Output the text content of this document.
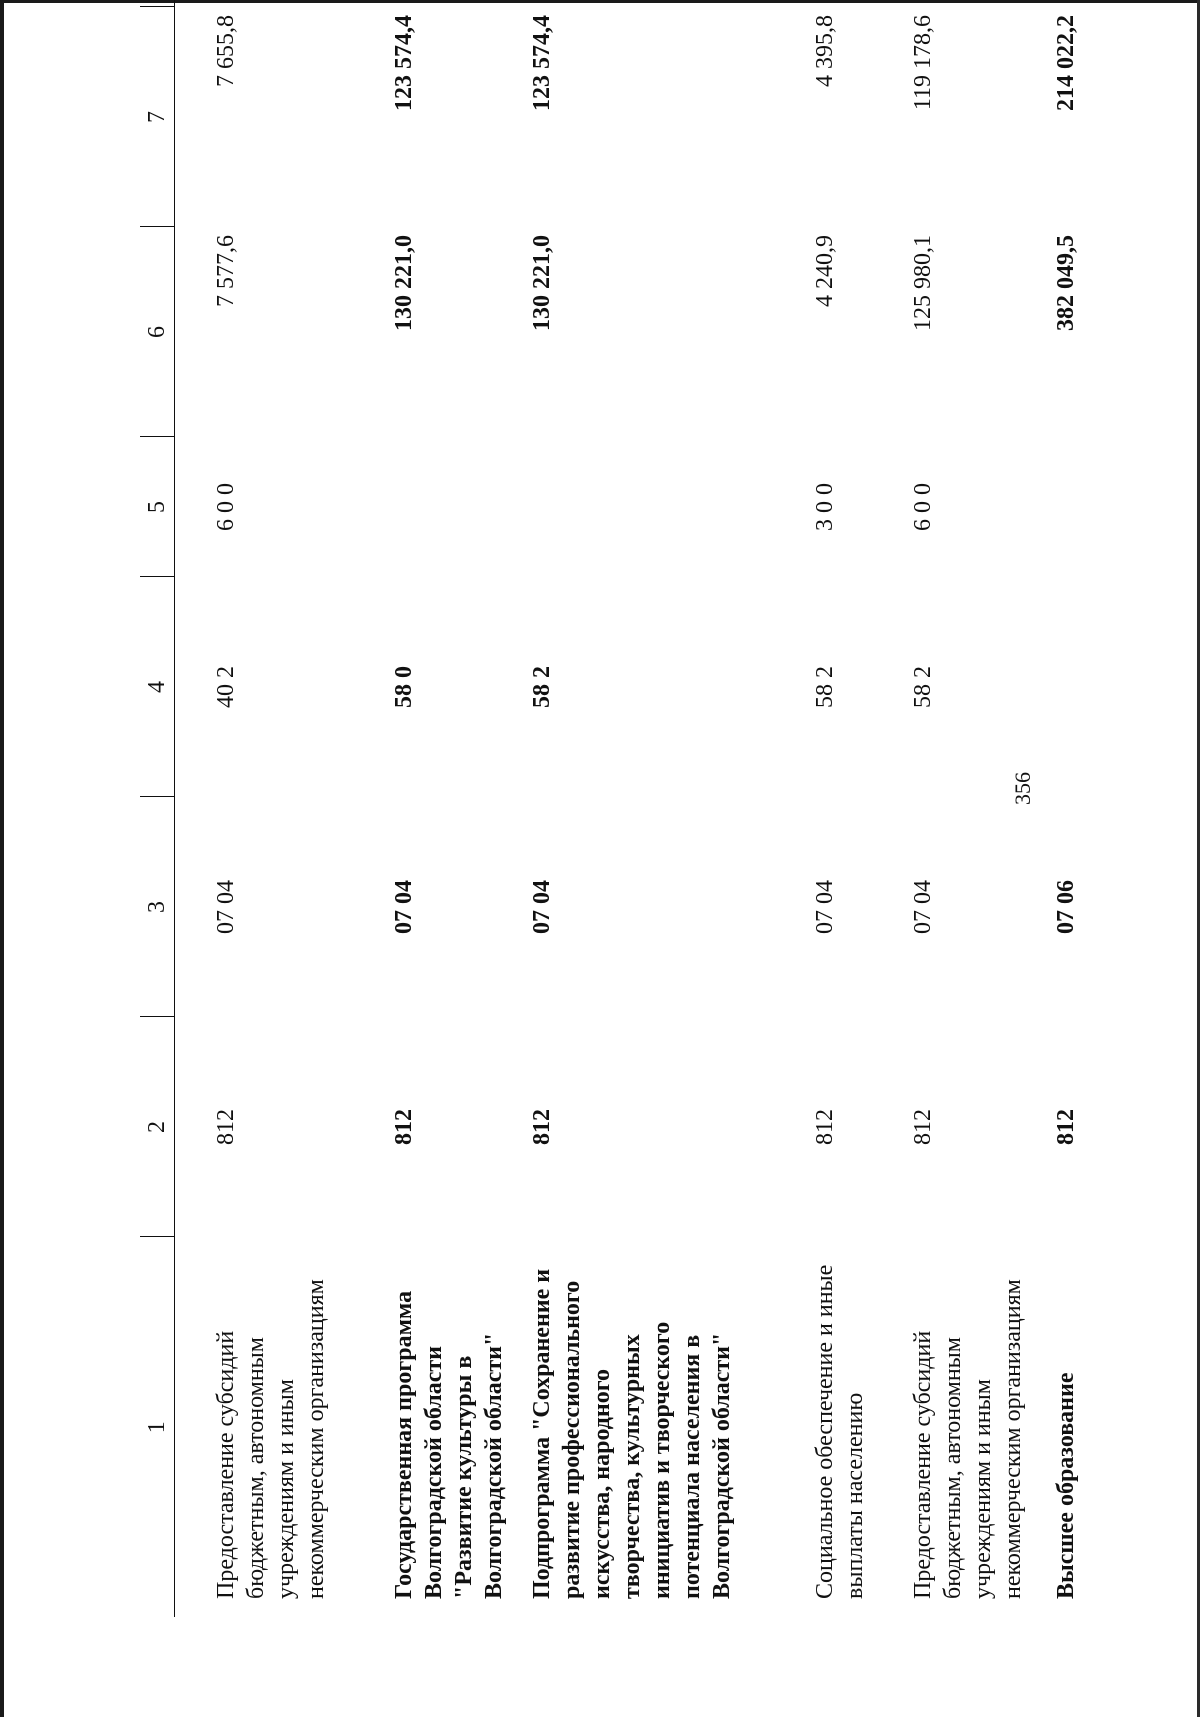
356
1	2	3	4	5	6	7	
Предоставление субсидий бюджетным, автономным учреждениям и иным некоммерческим организациям	812	07 04	40 2	6 0 0	7 577,6	7 655,8	
Государственная программа Волгоградской области "Развитие культуры в Волгоградской области"	812	07 04	58 0		130 221,0	123 574,4	
Подпрограмма "Сохранение и развитие профессионального искусства, народного творчества, культурных инициатив и творческого потенциала населения в Волгоградской области"	812	07 04	58 2		130 221,0	123 574,4	
Социальное обеспечение и иные выплаты населению	812	07 04	58 2	3 0 0	4 240,9	4 395,8	
Предоставление субсидий бюджетным, автономным учреждениям и иным некоммерческим организациям	812	07 04	58 2	6 0 0	125 980,1	119 178,6	
Высшее образование	812	07 06			382 049,5	214 022,2	
